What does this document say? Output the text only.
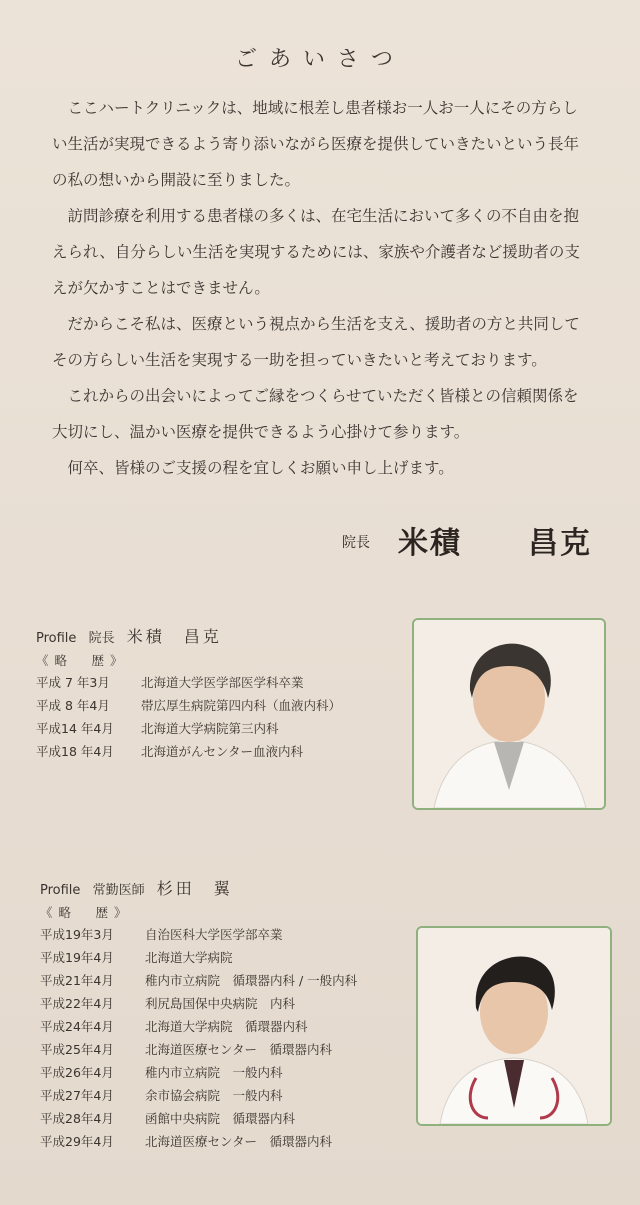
ごあいさつ

　ここハートクリニックは、地域に根差し患者様お一人お一人にその方らしい生活が実現できるよう寄り添いながら医療を提供していきたいという長年の私の想いから開設に至りました。

　訪問診療を利用する患者様の多くは、在宅生活において多くの不自由を抱えられ、自分らしい生活を実現するためには、家族や介護者など援助者の支えが欠かすことはできません。

　だからこそ私は、医療という視点から生活を支え、援助者の方と共同してその方らしい生活を実現する一助を担っていきたいと考えております。

　これからの出会いによってご縁をつくらせていただく皆様との信頼関係を大切にし、温かい医療を提供できるよう心掛けて参ります。

　何卒、皆様のご支援の程を宜しくお願い申し上げます。

院長 米積 昌克
Profile 院長 米積　昌克
《略　歴》
平成 7 年3月 北海道大学医学部医学科卒業
平成 8 年4月 帯広厚生病院第四内科（血液内科）
平成14 年4月 北海道大学病院第三内科
平成18 年4月 北海道がんセンター血液内科
Profile 常勤医師 杉田　翼
《略　歴》
平成19年3月 自治医科大学医学部卒業
平成19年4月 北海道大学病院
平成21年4月 稚内市立病院　循環器内科 / 一般内科
平成22年4月 利尻島国保中央病院　内科
平成24年4月 北海道大学病院　循環器内科
平成25年4月 北海道医療センター　循環器内科
平成26年4月 稚内市立病院　一般内科
平成27年4月 余市協会病院　一般内科
平成28年4月 函館中央病院　循環器内科
平成29年4月 北海道医療センター　循環器内科
